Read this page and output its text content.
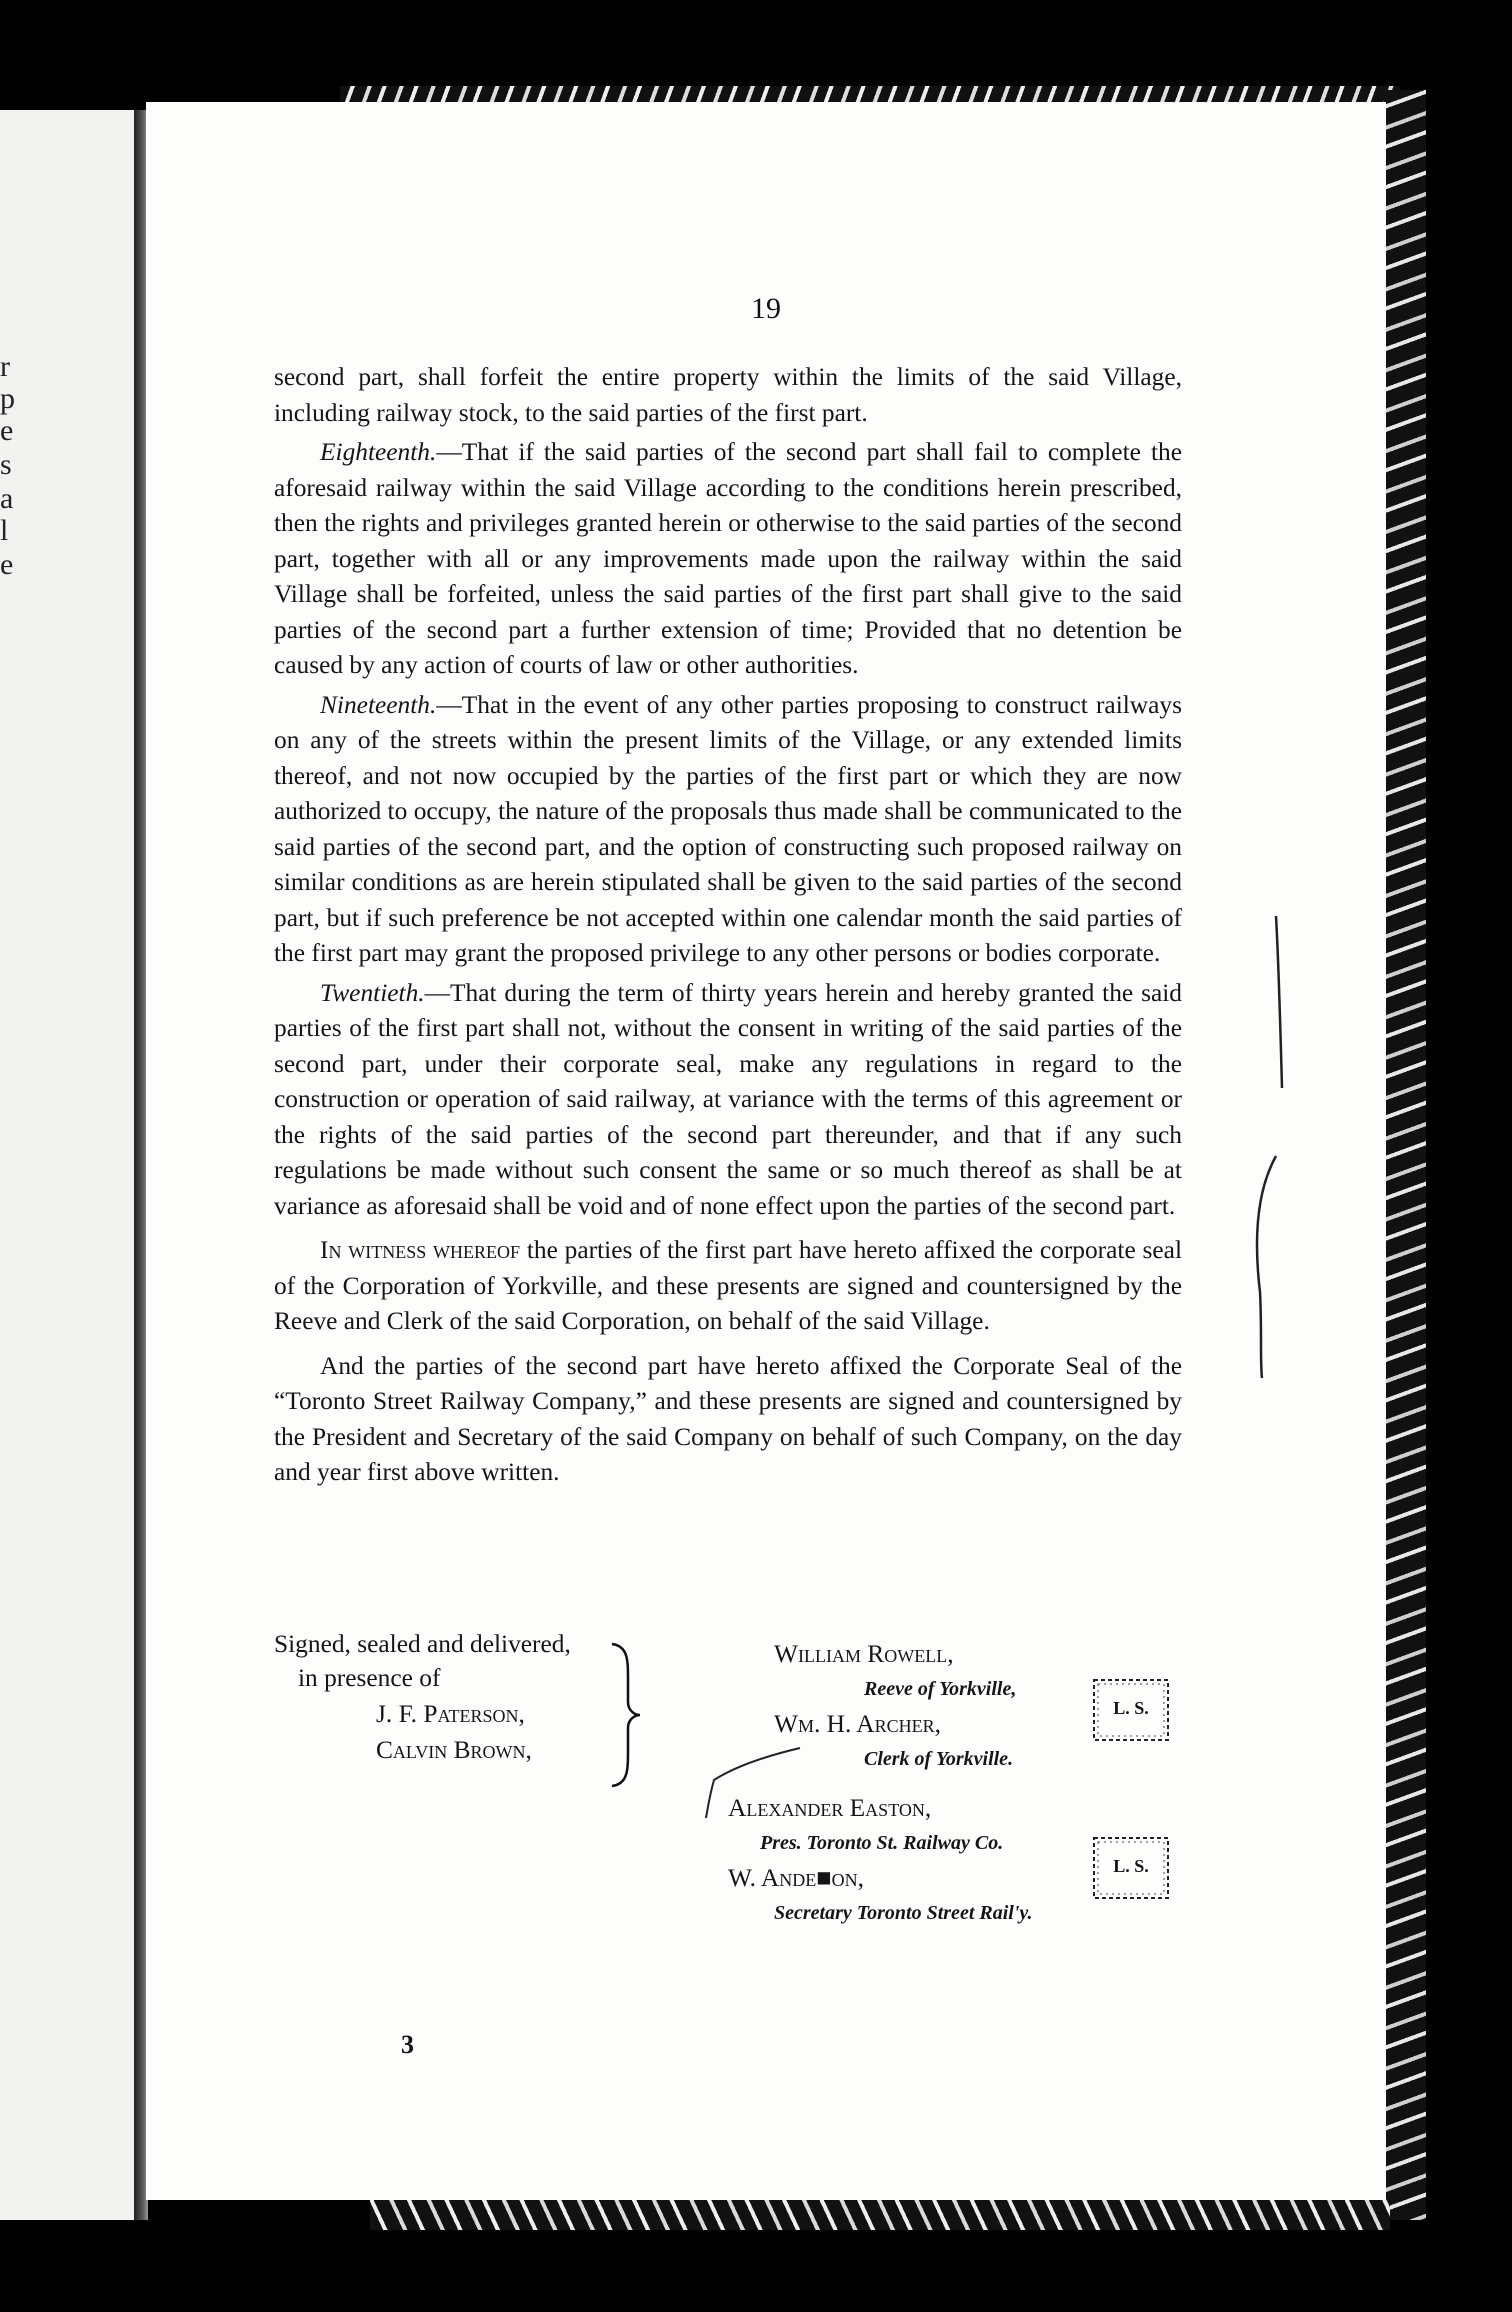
r
p
e
s
a
l
e
19

second part, shall forfeit the entire property within the limits of the said Village, including railway stock, to the said parties of the first part.

Eighteenth.—That if the said parties of the second part shall fail to complete the aforesaid railway within the said Village according to the conditions herein prescribed, then the rights and privileges granted herein or otherwise to the said parties of the second part, together with all or any improvements made upon the railway within the said Village shall be forfeited, unless the said parties of the first part shall give to the said parties of the second part a further extension of time; Provided that no detention be caused by any action of courts of law or other authorities.

Nineteenth.—That in the event of any other parties proposing to construct railways on any of the streets within the present limits of the Village, or any extended limits thereof, and not now occupied by the parties of the first part or which they are now authorized to occupy, the nature of the proposals thus made shall be communicated to the said parties of the second part, and the option of constructing such proposed railway on similar conditions as are herein stipulated shall be given to the said parties of the second part, but if such preference be not accepted within one calendar month the said parties of the first part may grant the proposed privilege to any other persons or bodies corporate.

Twentieth.—That during the term of thirty years herein and hereby granted the said parties of the first part shall not, without the consent in writing of the said parties of the second part, under their corporate seal, make any regulations in regard to the construction or operation of said railway, at variance with the terms of this agreement or the rights of the said parties of the second part thereunder, and that if any such regulations be made without such consent the same or so much thereof as shall be at variance as aforesaid shall be void and of none effect upon the parties of the second part.

In witness whereof the parties of the first part have hereto affixed the corporate seal of the Corporation of Yorkville, and these presents are signed and countersigned by the Reeve and Clerk of the said Corporation, on behalf of the said Village.

And the parties of the second part have hereto affixed the Corporate Seal of the “Toronto Street Railway Company,” and these presents are signed and countersigned by the President and Secretary of the said Company on behalf of such Company, on the day and year first above written.

Signed, sealed and delivered,
in presence of
J. F. Paterson,
Calvin Brown,
William Rowell,
Reeve of Yorkville,
Wm. H. Archer,
Clerk of Yorkville.
L. S.
Alexander Easton,
Pres. Toronto St. Railway Co.
W. Ande■on,
Secretary Toronto Street Rail'y.
L. S.
3
